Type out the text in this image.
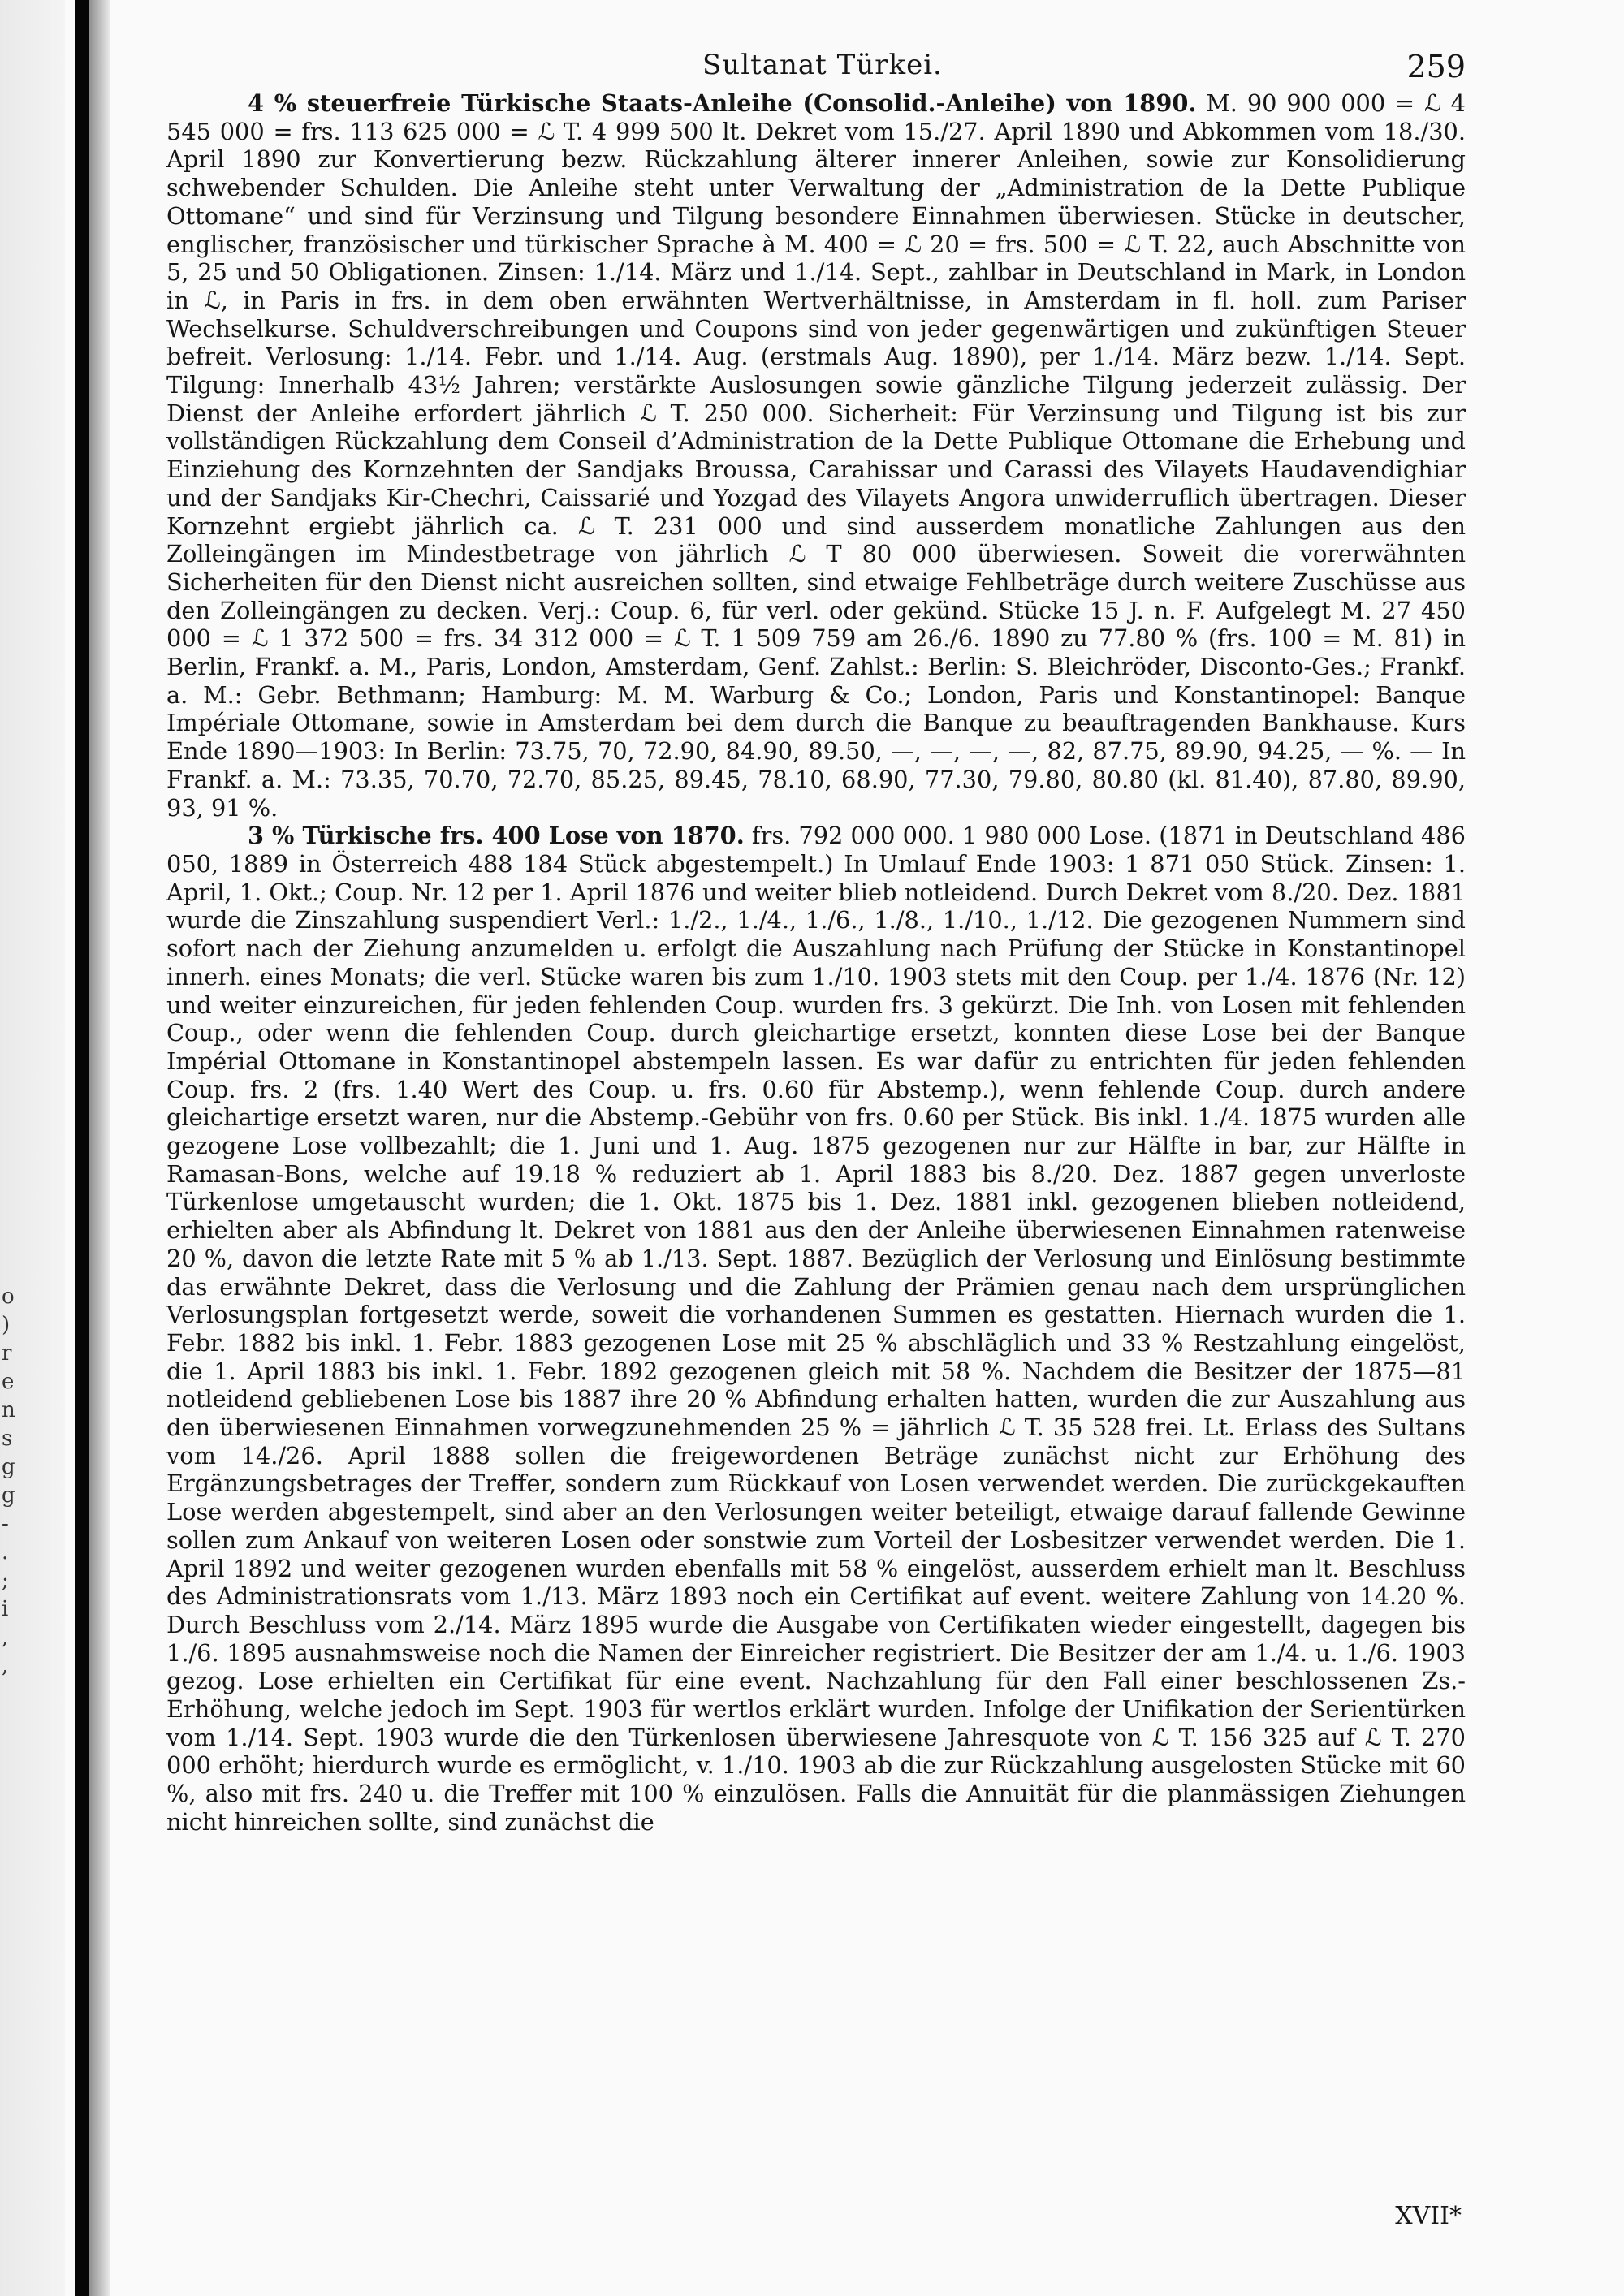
o
)
r
e
n
s
g
g
-
.
;
i
,
,
Sultanat Türkei.	259

4 % steuerfreie Türkische Staats-Anleihe (Consolid.-Anleihe) von 1890. M. 90 900 000 = ℒ 4 545 000 = frs. 113 625 000 = ℒ T. 4 999 500 lt. Dekret vom 15./27. April 1890 und Abkommen vom 18./30. April 1890 zur Konvertierung bezw. Rückzahlung älterer innerer Anleihen, sowie zur Konsolidierung schwebender Schulden. Die Anleihe steht unter Verwaltung der „Administration de la Dette Publique Ottomane“ und sind für Verzinsung und Tilgung besondere Einnahmen überwiesen. Stücke in deutscher, englischer, französischer und türkischer Sprache à M. 400 = ℒ 20 = frs. 500 = ℒ T. 22, auch Abschnitte von 5, 25 und 50 Obligationen. Zinsen: 1./14. März und 1./14. Sept., zahlbar in Deutschland in Mark, in London in ℒ, in Paris in frs. in dem oben erwähnten Wertverhältnisse, in Amsterdam in fl. holl. zum Pariser Wechselkurse. Schuldverschreibungen und Coupons sind von jeder gegenwärtigen und zukünftigen Steuer befreit. Verlosung: 1./14. Febr. und 1./14. Aug. (erstmals Aug. 1890), per 1./14. März bezw. 1./14. Sept. Tilgung: Innerhalb 43½ Jahren; verstärkte Auslosungen sowie gänzliche Tilgung jederzeit zulässig. Der Dienst der Anleihe erfordert jährlich ℒ T. 250 000. Sicherheit: Für Verzinsung und Tilgung ist bis zur vollständigen Rückzahlung dem Conseil d’Administration de la Dette Publique Ottomane die Erhebung und Einziehung des Kornzehnten der Sandjaks Broussa, Carahissar und Carassi des Vilayets Haudavendighiar und der Sandjaks Kir-Chechri, Caissarié und Yozgad des Vilayets Angora unwiderruflich übertragen. Dieser Kornzehnt ergiebt jährlich ca. ℒ T. 231 000 und sind ausserdem monatliche Zahlungen aus den Zolleingängen im Mindestbetrage von jährlich ℒ T 80 000 überwiesen. Soweit die vorerwähnten Sicherheiten für den Dienst nicht ausreichen sollten, sind etwaige Fehlbeträge durch weitere Zuschüsse aus den Zolleingängen zu decken. Verj.: Coup. 6, für verl. oder gekünd. Stücke 15 J. n. F. Aufgelegt M. 27 450 000 = ℒ 1 372 500 = frs. 34 312 000 = ℒ T. 1 509 759 am 26./6. 1890 zu 77.80 % (frs. 100 = M. 81) in Berlin, Frankf. a. M., Paris, London, Amsterdam, Genf. Zahlst.: Berlin: S. Bleichröder, Disconto-Ges.; Frankf. a. M.: Gebr. Bethmann; Hamburg: M. M. Warburg & Co.; London, Paris und Konstantinopel: Banque Impériale Ottomane, sowie in Amsterdam bei dem durch die Banque zu beauftragenden Bankhause. Kurs Ende 1890—1903: In Berlin: 73.75, 70, 72.90, 84.90, 89.50, —, —, —, —, 82, 87.75, 89.90, 94.25, — %. — In Frankf. a. M.: 73.35, 70.70, 72.70, 85.25, 89.45, 78.10, 68.90, 77.30, 79.80, 80.80 (kl. 81.40), 87.80, 89.90, 93, 91 %.

3 % Türkische frs. 400 Lose von 1870. frs. 792 000 000. 1 980 000 Lose. (1871 in Deutschland 486 050, 1889 in Österreich 488 184 Stück abgestempelt.) In Umlauf Ende 1903: 1 871 050 Stück. Zinsen: 1. April, 1. Okt.; Coup. Nr. 12 per 1. April 1876 und weiter blieb notleidend. Durch Dekret vom 8./20. Dez. 1881 wurde die Zinszahlung suspendiert Verl.: 1./2., 1./4., 1./6., 1./8., 1./10., 1./12. Die gezogenen Nummern sind sofort nach der Ziehung anzumelden u. erfolgt die Auszahlung nach Prüfung der Stücke in Konstantinopel innerh. eines Monats; die verl. Stücke waren bis zum 1./10. 1903 stets mit den Coup. per 1./4. 1876 (Nr. 12) und weiter einzureichen, für jeden fehlenden Coup. wurden frs. 3 gekürzt. Die Inh. von Losen mit fehlenden Coup., oder wenn die fehlenden Coup. durch gleichartige ersetzt, konnten diese Lose bei der Banque Impérial Ottomane in Konstantinopel abstempeln lassen. Es war dafür zu entrichten für jeden fehlenden Coup. frs. 2 (frs. 1.40 Wert des Coup. u. frs. 0.60 für Abstemp.), wenn fehlende Coup. durch andere gleichartige ersetzt waren, nur die Abstemp.-Gebühr von frs. 0.60 per Stück. Bis inkl. 1./4. 1875 wurden alle gezogene Lose vollbezahlt; die 1. Juni und 1. Aug. 1875 gezogenen nur zur Hälfte in bar, zur Hälfte in Ramasan-Bons, welche auf 19.18 % reduziert ab 1. April 1883 bis 8./20. Dez. 1887 gegen unverloste Türkenlose umgetauscht wurden; die 1. Okt. 1875 bis 1. Dez. 1881 inkl. gezogenen blieben notleidend, erhielten aber als Abfindung lt. Dekret von 1881 aus den der Anleihe überwiesenen Einnahmen ratenweise 20 %, davon die letzte Rate mit 5 % ab 1./13. Sept. 1887. Bezüglich der Verlosung und Einlösung bestimmte das erwähnte Dekret, dass die Verlosung und die Zahlung der Prämien genau nach dem ursprünglichen Verlosungsplan fortgesetzt werde, soweit die vorhandenen Summen es gestatten. Hiernach wurden die 1. Febr. 1882 bis inkl. 1. Febr. 1883 gezogenen Lose mit 25 % abschläglich und 33 % Restzahlung eingelöst, die 1. April 1883 bis inkl. 1. Febr. 1892 gezogenen gleich mit 58 %. Nachdem die Besitzer der 1875—81 notleidend gebliebenen Lose bis 1887 ihre 20 % Abfindung erhalten hatten, wurden die zur Auszahlung aus den überwiesenen Einnahmen vorwegzunehmenden 25 % = jährlich ℒ T. 35 528 frei. Lt. Erlass des Sultans vom 14./26. April 1888 sollen die freigewordenen Beträge zunächst nicht zur Erhöhung des Ergänzungsbetrages der Treffer, sondern zum Rückkauf von Losen verwendet werden. Die zurückgekauften Lose werden abgestempelt, sind aber an den Verlosungen weiter beteiligt, etwaige darauf fallende Gewinne sollen zum Ankauf von weiteren Losen oder sonstwie zum Vorteil der Losbesitzer verwendet werden. Die 1. April 1892 und weiter gezogenen wurden ebenfalls mit 58 % eingelöst, ausserdem erhielt man lt. Beschluss des Administrationsrats vom 1./13. März 1893 noch ein Certifikat auf event. weitere Zahlung von 14.20 %. Durch Beschluss vom 2./14. März 1895 wurde die Ausgabe von Certifikaten wieder eingestellt, dagegen bis 1./6. 1895 ausnahmsweise noch die Namen der Einreicher registriert. Die Besitzer der am 1./4. u. 1./6. 1903 gezog. Lose erhielten ein Certifikat für eine event. Nachzahlung für den Fall einer beschlossenen Zs.-Erhöhung, welche jedoch im Sept. 1903 für wertlos erklärt wurden. Infolge der Unifikation der Serientürken vom 1./14. Sept. 1903 wurde die den Türkenlosen überwiesene Jahresquote von ℒ T. 156 325 auf ℒ T. 270 000 erhöht; hierdurch wurde es ermöglicht, v. 1./10. 1903 ab die zur Rückzahlung ausgelosten Stücke mit 60 %, also mit frs. 240 u. die Treffer mit 100 % einzulösen. Falls die Annuität für die planmässigen Ziehungen nicht hinreichen sollte, sind zunächst die

XVII*
